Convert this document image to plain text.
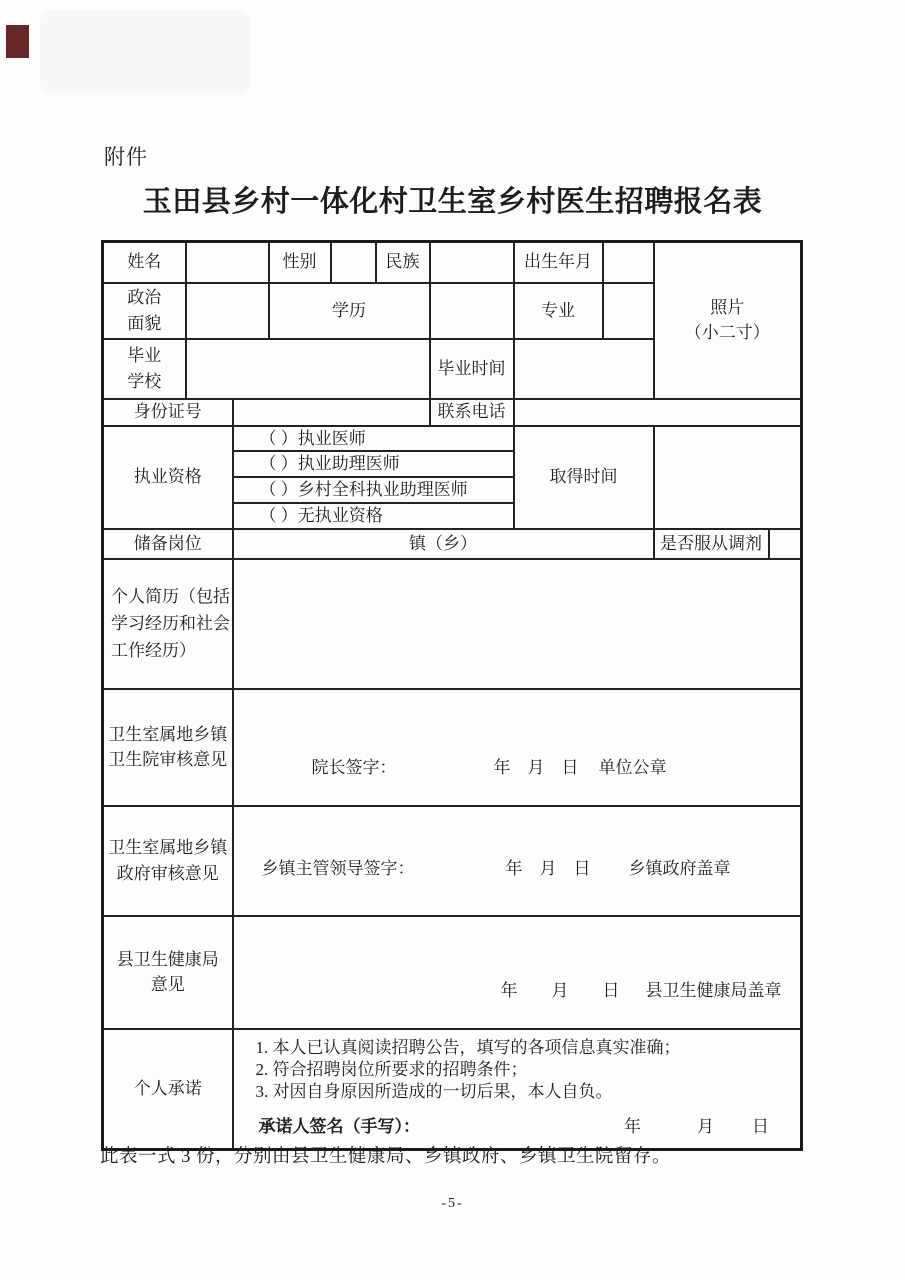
附件
玉田县乡村一体化村卫生室乡村医生招聘报名表
姓名			性别		民族		出生年月		照片
（小二寸）	

政治
面貌			学历				专业			

毕业
学校						毕业时间				
身份证号						联系电话				
执业资格		（ ）执业医师					取得时间			
		（ ）执业助理医师								
		（ ）乡村全科执业助理医师								
		（ ）无执业资格								
储备岗位		镇（乡）							是否服从调剂	

个人简历（包括
学习经历和社会
工作经历）										

卫生室属地乡镇
卫生院审核意见		院长签字： 年　月　日 单位公章								

卫生室属地乡镇
政府审核意见		乡镇主管领导签字： 年　月　日 乡镇政府盖章								

县卫生健康局
意见		年　　月　　日 县卫生健康局盖章								
个人承诺		1. 本人已认真阅读招聘公告，填写的各项信息真实准确；
2. 符合招聘岗位所要求的招聘条件；
3. 对因自身原因所造成的一切后果，本人自负。
承诺人签名（手写）： 年 月 日								
此表一式 3 份，分别由县卫生健康局、乡镇政府、乡镇卫生院留存。
-5-
